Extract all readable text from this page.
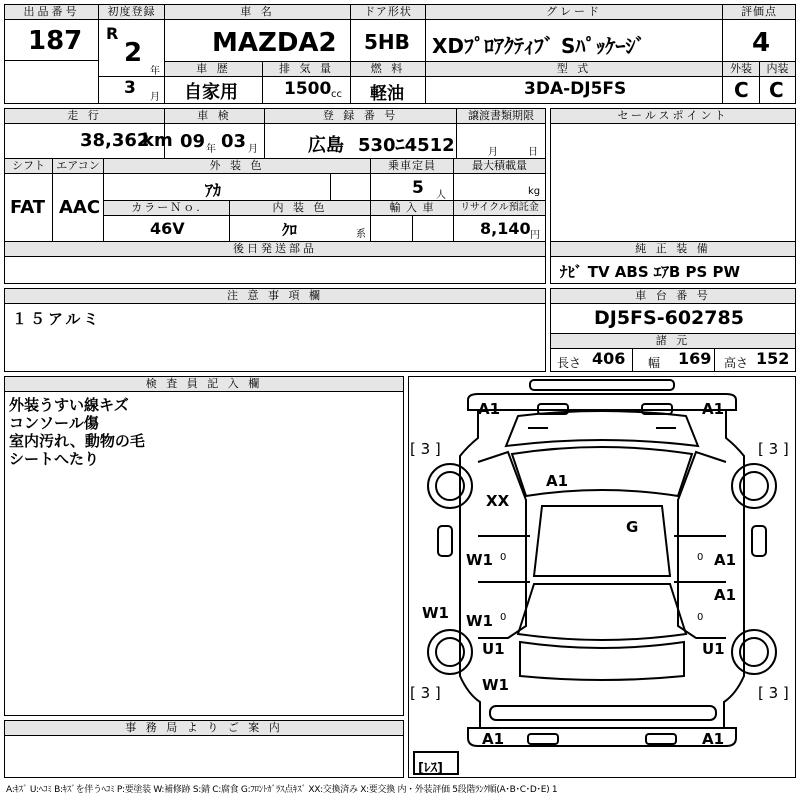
出品番号
187
初度登録
R
2
年
3 月
車 名
MAZDA2
ドア形状
5HB
グレード
XDﾌﾟﾛｱｸﾃｨﾌﾞ Sﾊﾟｯｹｰｼﾞ
評価点
4
車 歴
自家用
排 気 量
1500 cc
燃 料
軽油
型 式
3DA-DJ5FS
外装	内装
C C
走 行
38,362
km
車 検
09 年 03 月
登 録 番 号
広島 530ﾆ4512
譲渡書類期限
月	日
シフト
FAT
エアコン
AAC
外 装 色
ｱｶ
乗車定員
5 人
最大積載量
kg
カラーＮｏ.
46V
内 装 色
ｸﾛ	系
輸 入 車	リサイクル預託金
8,140 円
後日発送部品
セールスポイント
純 正 装 備
ﾅﾋﾞ TV ABS ｴｱB PS PW
注 意 事 項 欄
１５アルミ
車 台 番 号
DJ5FS-602785
諸 元
長さ 406 幅 169 高さ 152
検 査 員 記 入 欄
外装うすい線キズ
コンソール傷
室内汚れ、動物の毛
シートへたり
事 務 局 よ り ご 案 内
A1	A1
[ 3 ]	[ 3 ]
A1
XX
G
W1	A1
A1
W1 W1
U1	U1
W1
[ 3 ]	[ 3 ]
A1	A1
[ﾚｽ]
0
0
0
0
A:ｷｽﾞ U:ﾍｺﾐ B:ｷｽﾞを伴うﾍｺﾐ P:要塗装 W:補修跡 S:錆 C:腐食 G:ﾌﾛﾝﾄｶﾞﾗｽ点ｷｽﾞ XX:交換済み X:要交換 内・外装評価 5段階ﾗﾝｸ順(A･B･C･D･E) 1
